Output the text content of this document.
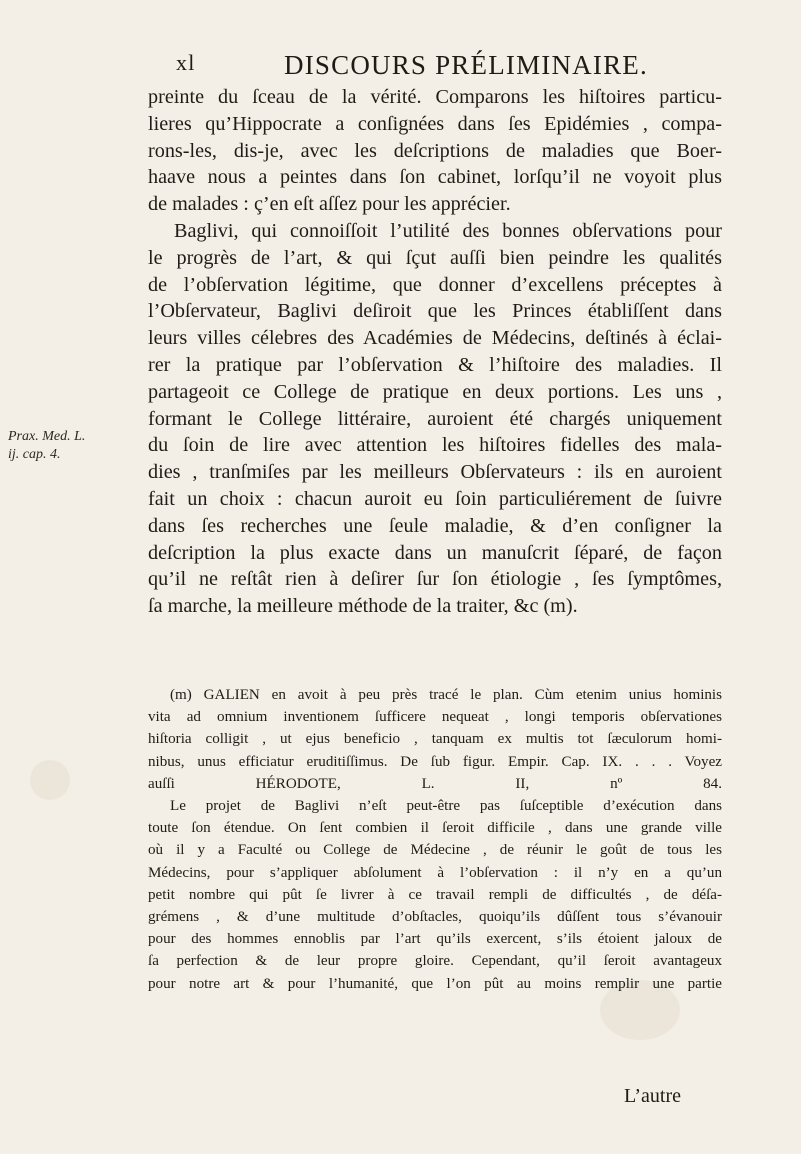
xl	DISCOURS PRÉLIMINAIRE.
Prax. Med. L. ij. cap. 4.
preinte du ſceau de la vérité. Comparons les hiſtoires particu-
lieres qu’Hippocrate a conſignées dans ſes Epidémies , compa-
rons-les, dis-je, avec les deſcriptions de maladies que Boer-
haave nous a peintes dans ſon cabinet, lorſqu’il ne voyoit plus
de malades : ç’en eſt aſſez pour les apprécier.
Baglivi, qui connoiſſoit l’utilité des bonnes obſervations pour
le progrès de l’art, & qui ſçut auſſi bien peindre les qualités
de l’obſervation légitime, que donner d’excellens préceptes à
l’Obſervateur, Baglivi deſiroit que les Princes établiſſent dans
leurs villes célebres des Académies de Médecins, deſtinés à éclai-
rer la pratique par l’obſervation & l’hiſtoire des maladies. Il
partageoit ce College de pratique en deux portions. Les uns ,
formant le College littéraire, auroient été chargés uniquement
du ſoin de lire avec attention les hiſtoires fidelles des mala-
dies , tranſmiſes par les meilleurs Obſervateurs : ils en auroient
fait un choix : chacun auroit eu ſoin particuliérement de ſuivre
dans ſes recherches une ſeule maladie, & d’en conſigner la
deſcription la plus exacte dans un manuſcrit ſéparé, de façon
qu’il ne reſtât rien à deſirer ſur ſon étiologie , ſes ſymptômes,
ſa marche, la meilleure méthode de la traiter, &c (m).
(m) GALIEN en avoit à peu près tracé le plan. Cùm etenim unius hominis
vita ad omnium inventionem ſufficere nequeat , longi temporis obſervationes
hiſtoria colligit , ut ejus beneficio , tanquam ex multis tot ſæculorum homi-
nibus, unus efficiatur eruditiſſimus. De ſub figur. Empir. Cap. IX. . . . Voyez
auſſi HÉRODOTE, L. II, nº 84.
Le projet de Baglivi n’eſt peut-être pas ſuſceptible d’exécution dans
toute ſon étendue. On ſent combien il ſeroit difficile , dans une grande ville
où il y a Faculté ou College de Médecine , de réunir le goût de tous les
Médecins, pour s’appliquer abſolument à l’obſervation : il n’y en a qu’un
petit nombre qui pût ſe livrer à ce travail rempli de difficultés , de déſa-
grémens , & d’une multitude d’obſtacles, quoiqu’ils dûſſent tous s’évanouir
pour des hommes ennoblis par l’art qu’ils exercent, s’ils étoient jaloux de
ſa perfection & de leur propre gloire. Cependant, qu’il ſeroit avantageux
pour notre art & pour l’humanité, que l’on pût au moins remplir une partie
L’autre
